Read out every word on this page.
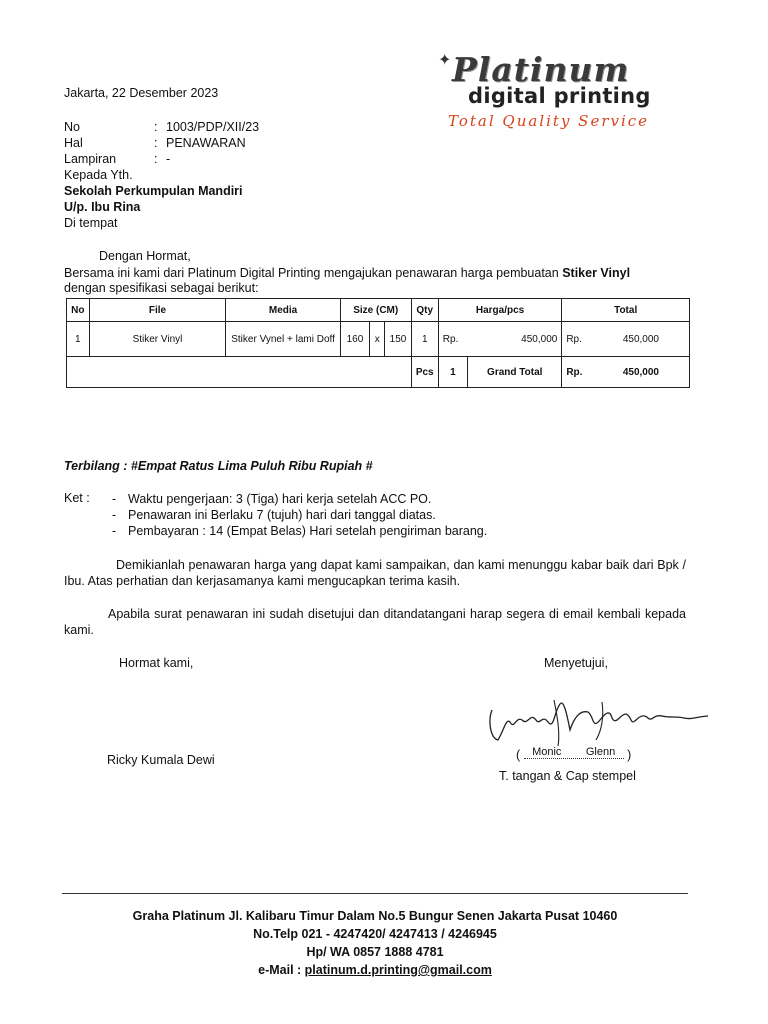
✦ Platinum
digital printing
Total Quality Service
Jakarta, 22 Desember 2023
No	: 1003/PDP/XII/23
Hal	: PENAWARAN
Lampiran	: -
Kepada Yth.
Sekolah Perkumpulan Mandiri
U/p. Ibu Rina
Di tempat
Dengan Hormat,
Bersama ini kami dari Platinum Digital Printing mengajukan penawaran harga pembuatan Stiker Vinyl
dengan spesifikasi sebagai berikut:
No	File	Media	Size (CM)			Qty	Harga/pcs		Total	
1	Stiker Vinyl	Stiker Vynel + lami Doff	160	x	150	1	Rp.	450,000	Rp.	450,000
						Pcs	1	Grand Total	Rp.	450,000
Terbilang : #Empat Ratus Lima Puluh Ribu Rupiah #
Ket : - Waktu pengerjaan: 3 (Tiga) hari kerja setelah ACC PO.
- Penawaran ini Berlaku 7 (tujuh) hari dari tanggal diatas.
- Pembayaran : 14 (Empat Belas) Hari setelah pengiriman barang.
Demikianlah penawaran harga yang dapat kami sampaikan, dan kami menunggu kabar baik dari Bpk / Ibu. Atas perhatian dan kerjasamanya kami mengucapkan terima kasih.
Apabila surat penawaran ini sudah disetujui dan ditandatangani harap segera di email kembali kepada kami.
Hormat kami,
Ricky Kumala Dewi
Menyetujui,
( Monic        Glenn )
T. tangan & Cap stempel
Graha Platinum Jl. Kalibaru Timur Dalam No.5 Bungur Senen Jakarta Pusat 10460
No.Telp 021 - 4247420/ 4247413 / 4246945
Hp/ WA 0857 1888 4781
e-Mail : platinum.d.printing@gmail.com
